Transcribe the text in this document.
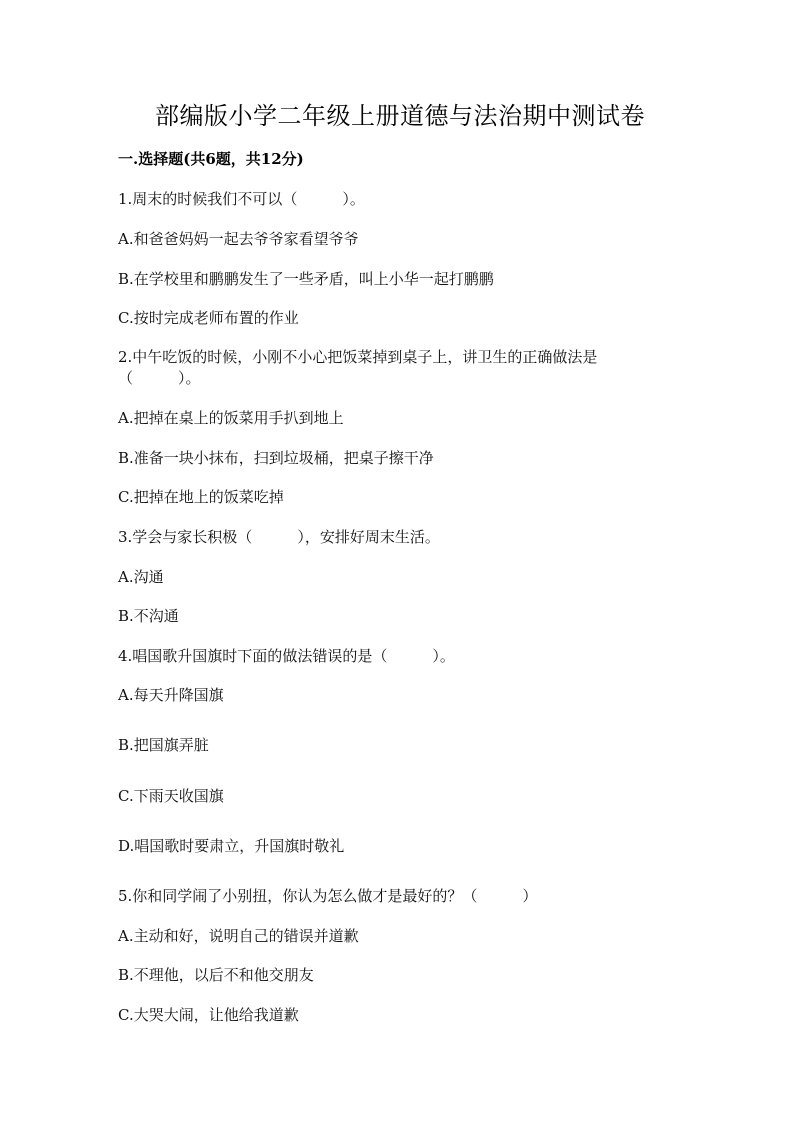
部编版小学二年级上册道德与法治期中测试卷
一.选择题(共6题，共12分)
1.周末的时候我们不可以（　　　）。
A.和爸爸妈妈一起去爷爷家看望爷爷
B.在学校里和鹏鹏发生了一些矛盾，叫上小华一起打鹏鹏
C.按时完成老师布置的作业
2.中午吃饭的时候，小刚不小心把饭菜掉到桌子上，讲卫生的正确做法是
（　　　）。
A.把掉在桌上的饭菜用手扒到地上
B.准备一块小抹布，扫到垃圾桶，把桌子擦干净
C.把掉在地上的饭菜吃掉
3.学会与家长积极（　　　），安排好周末生活。
A.沟通
B.不沟通
4.唱国歌升国旗时下面的做法错误的是（　　　）。
A.每天升降国旗
B.把国旗弄脏
C.下雨天收国旗
D.唱国歌时要肃立，升国旗时敬礼
5.你和同学闹了小别扭，你认为怎么做才是最好的？（　　　）
A.主动和好，说明自己的错误并道歉
B.不理他，以后不和他交朋友
C.大哭大闹，让他给我道歉
